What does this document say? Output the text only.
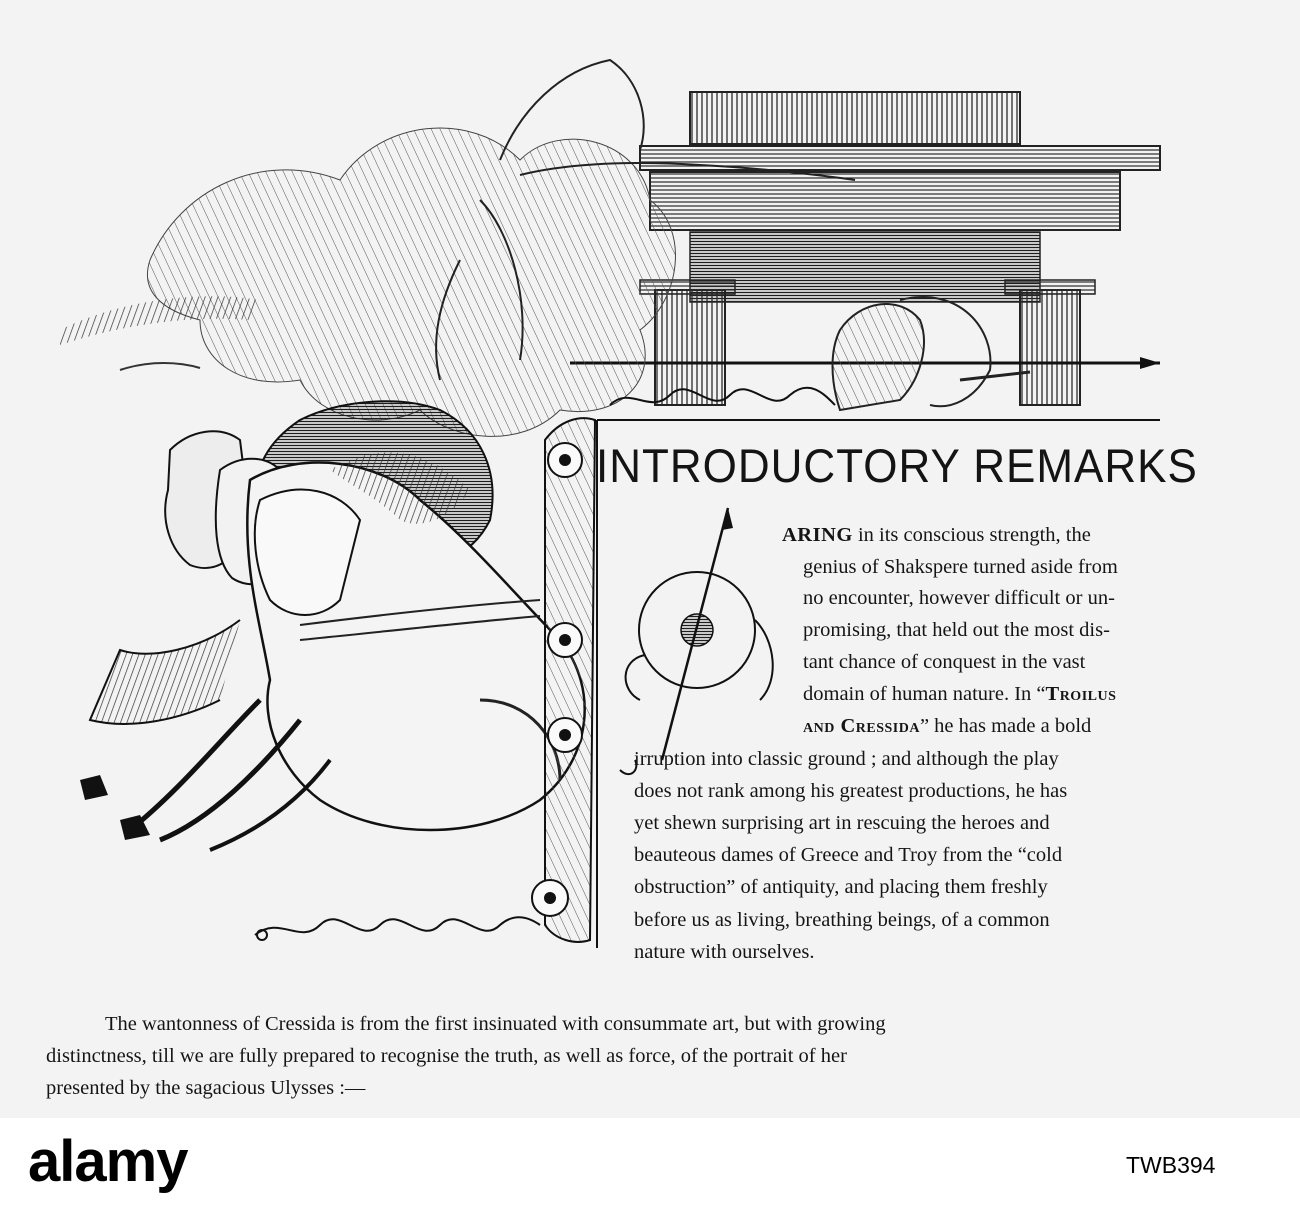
INTRODUCTORY REMARKS
ARING in its conscious strength, the
genius of Shakspere turned aside from
no encounter, however difficult or un-
promising, that held out the most dis-
tant chance of conquest in the vast
domain of human nature. In “Troilus
and Cressida” he has made a bold
irruption into classic ground ; and although the play
does not rank among his greatest productions, he has
yet shewn surprising art in rescuing the heroes and
beauteous dames of Greece and Troy from the “cold
obstruction” of antiquity, and placing them freshly
before us as living, breathing beings, of a common
nature with ourselves.
The wantonness of Cressida is from the first insinuated with consummate art, but with growing
distinctness, till we are fully prepared to recognise the truth, as well as force, of the portrait of her
presented by the sagacious Ulysses :—
alamy	TWB394
